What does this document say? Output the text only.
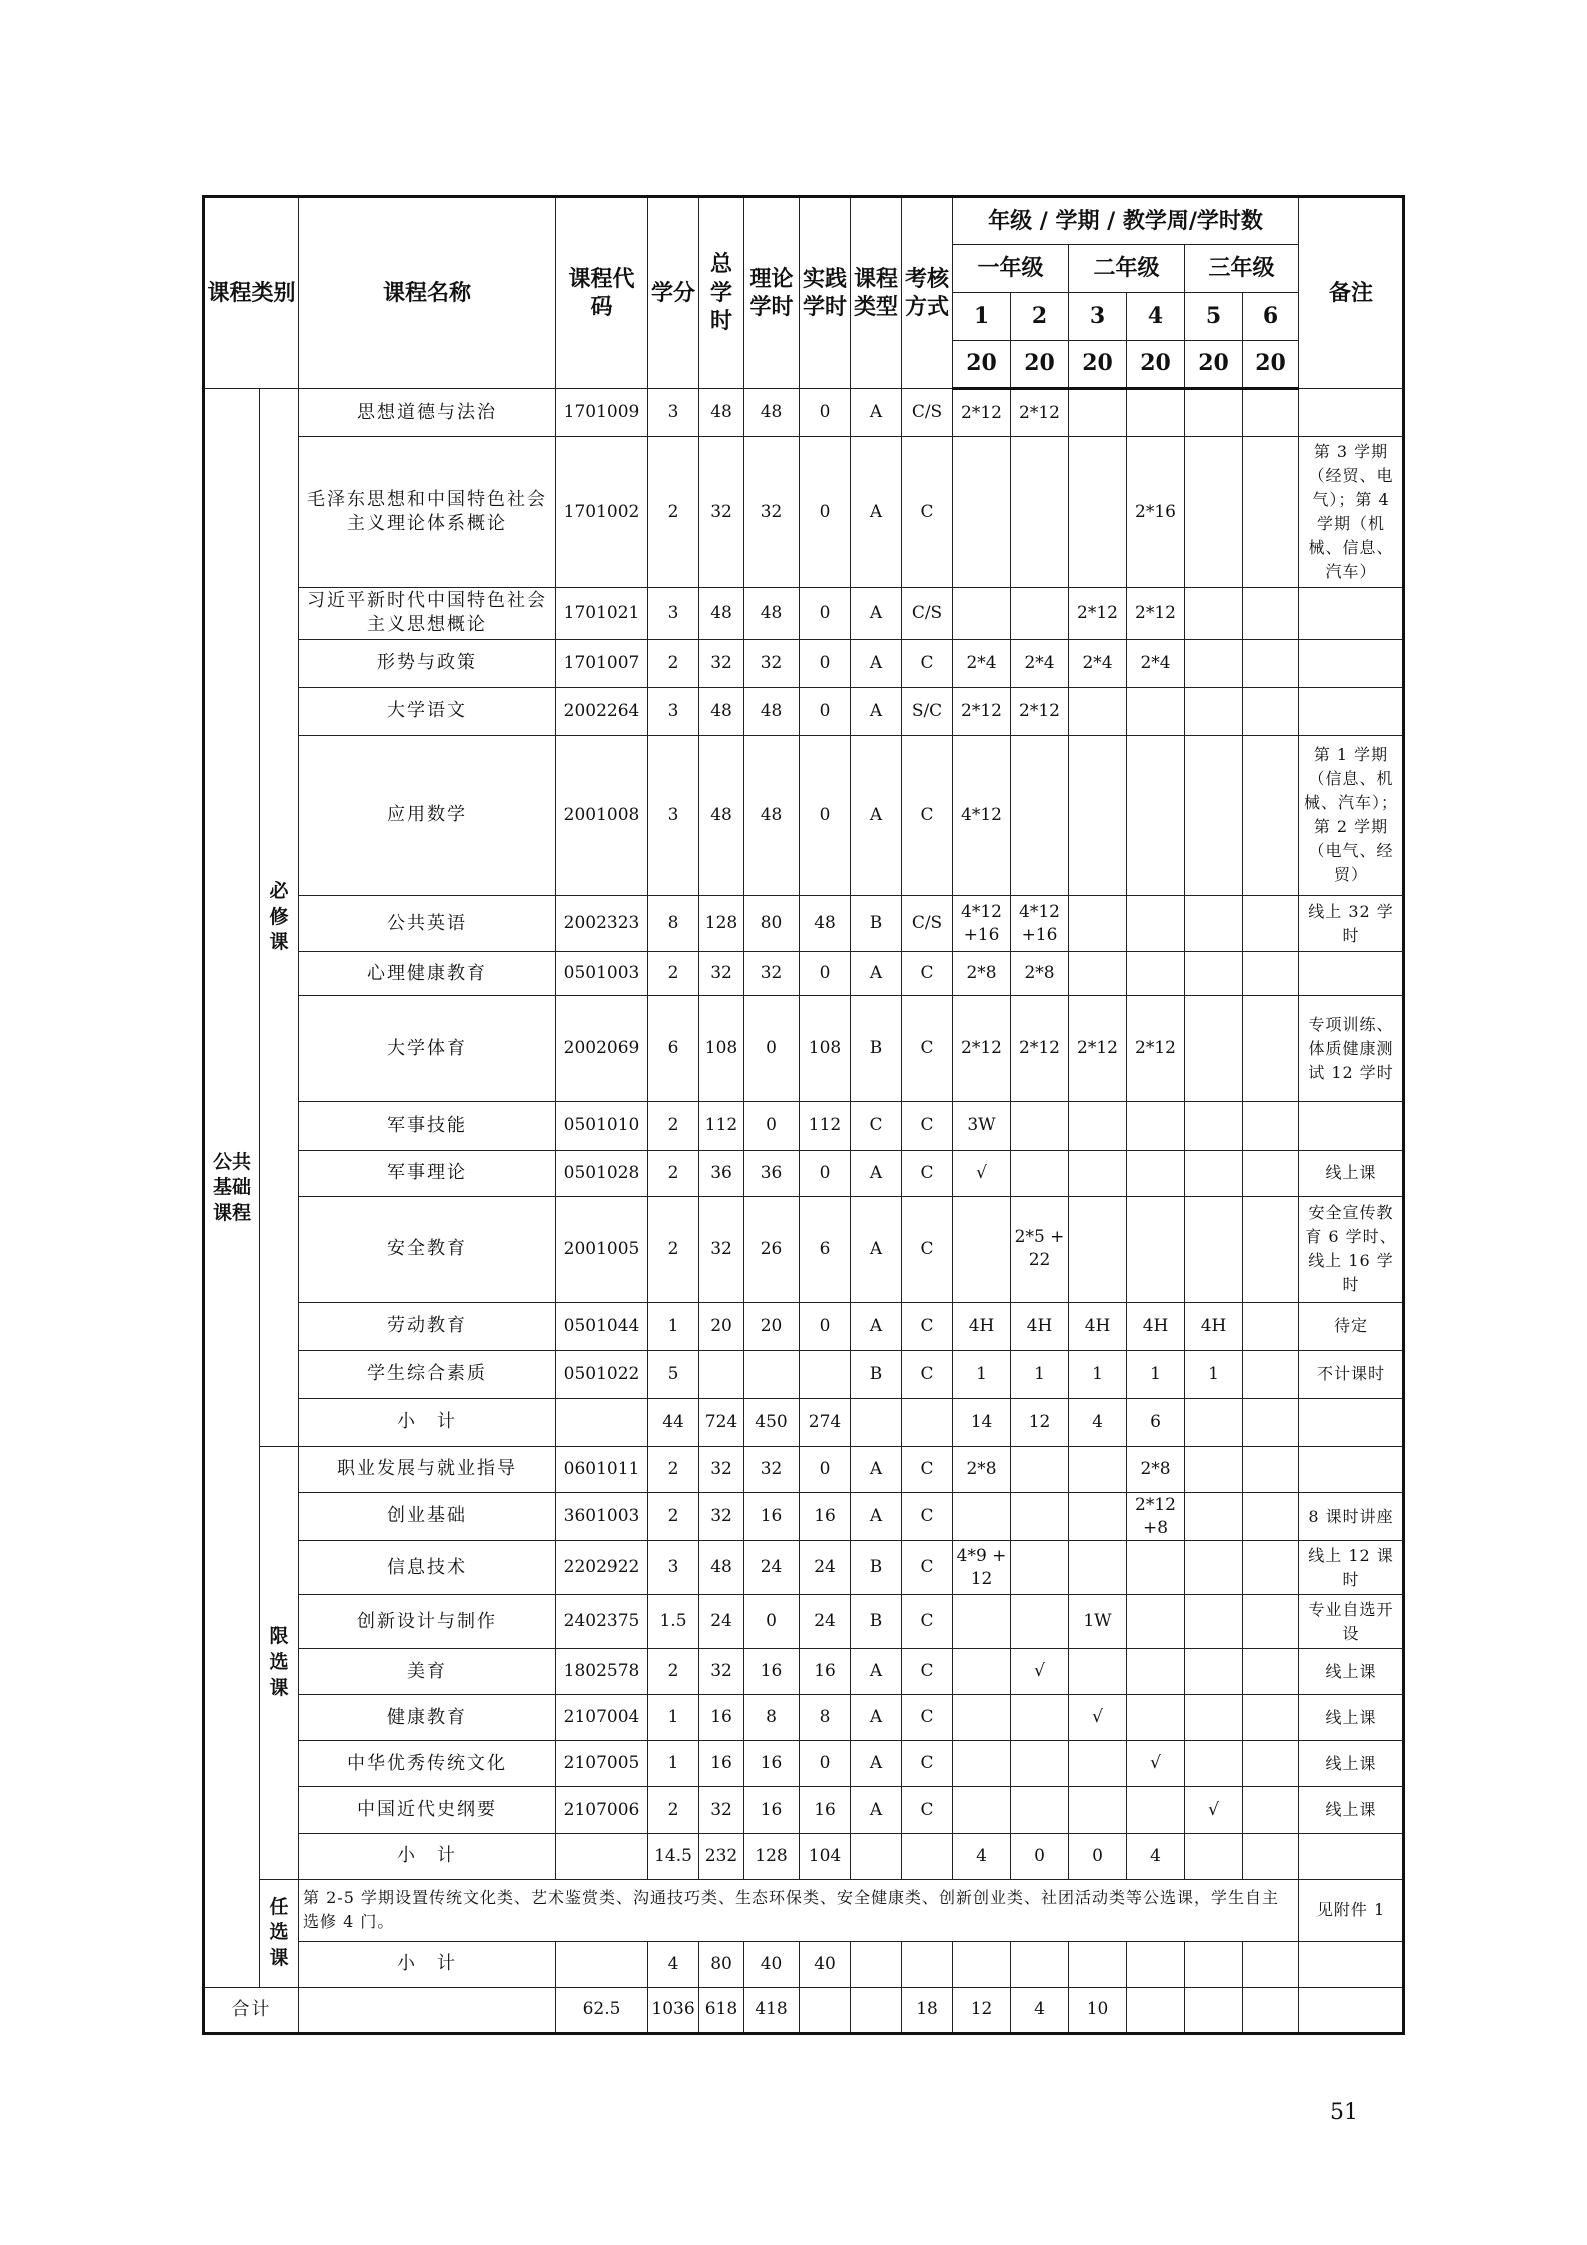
课程类别		课程名称	课程代码	学分	总学时	理论学时	实践学时	课程类型	考核方式	年级 / 学期 / 教学周/学时数						备注	
										一年级		二年级		三年级			
										1	2	3	4	5	6		
										20	20	20	20	20	20		
公共基础课程	必修课	思想道德与法治	1701009	3	48	48	0	A	C/S	2*12	2*12						
		毛泽东思想和中国特色社会主义理论体系概论	1701002	2	32	32	0	A	C				2*16			第 3 学期（经贸、电气）；第 4 学期（机械、信息、汽车）	
		习近平新时代中国特色社会主义思想概论	1701021	3	48	48	0	A	C/S			2*12	2*12				
		形势与政策	1701007	2	32	32	0	A	C	2*4	2*4	2*4	2*4				
		大学语文	2002264	3	48	48	0	A	S/C	2*12	2*12						
		应用数学	2001008	3	48	48	0	A	C	4*12						第 1 学期（信息、机械、汽车）；第 2 学期（电气、经贸）	
		公共英语	2002323	8	128	80	48	B	C/S	4*12 +16	4*12 +16					线上 32 学时	
		心理健康教育	0501003	2	32	32	0	A	C	2*8	2*8						
		大学体育	2002069	6	108	0	108	B	C	2*12	2*12	2*12	2*12			专项训练、体质健康测试 12 学时	
		军事技能	0501010	2	112	0	112	C	C	3W							
		军事理论	0501028	2	36	36	0	A	C	√						线上课	
		安全教育	2001005	2	32	26	6	A	C		2*5 +22					安全宣传教育 6 学时、线上 16 学时	
		劳动教育	0501044	1	20	20	0	A	C	4H	4H	4H	4H	4H		待定	
		学生综合素质	0501022	5				B	C	1	1	1	1	1		不计课时	
		小　计		44	724	450	274			14	12	4	6				
	限选课	职业发展与就业指导	0601011	2	32	32	0	A	C	2*8			2*8				
		创业基础	3601003	2	32	16	16	A	C				2*12 +8			8 课时讲座	
		信息技术	2202922	3	48	24	24	B	C	4*9 +12						线上 12 课时	
		创新设计与制作	2402375	1.5	24	0	24	B	C			1W				专业自选开设	
		美育	1802578	2	32	16	16	A	C		√					线上课	
		健康教育	2107004	1	16	8	8	A	C			√				线上课	
		中华优秀传统文化	2107005	1	16	16	0	A	C				√			线上课	
		中国近代史纲要	2107006	2	32	16	16	A	C					√		线上课	
		小　计		14.5	232	128	104			4	0	0	4				
	任选课	第 2-5 学期设置传统文化类、艺术鉴赏类、沟通技巧类、生态环保类、安全健康类、创新创业类、社团活动类等公选课，学生自主选修 4 门。														见附件 1	
		小　计		4	80	40	40										
合计			62.5	1036	618	418			18	12	4	10					
51
